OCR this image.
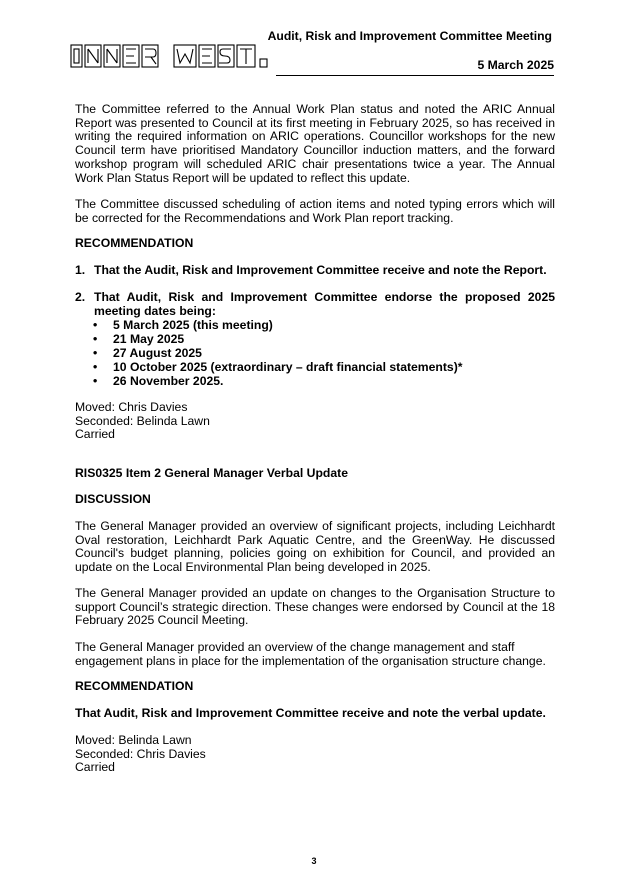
Audit, Risk and Improvement Committee Meeting
5 March 2025

The Committee referred to the Annual Work Plan status and noted the ARIC Annual Report was presented to Council at its first meeting in February 2025, so has received in writing the required information on ARIC operations. Councillor workshops for the new Council term have prioritised Mandatory Councillor induction matters, and the forward workshop program will scheduled ARIC chair presentations twice a year. The Annual Work Plan Status Report will be updated to reflect this update.

The Committee discussed scheduling of action items and noted typing errors which will be corrected for the Recommendations and Work Plan report tracking.

RECOMMENDATION

1. That the Audit, Risk and Improvement Committee receive and note the Report.

2. That Audit, Risk and Improvement Committee endorse the proposed 2025 meeting dates being:

• 5 March 2025 (this meeting)
• 21 May 2025
• 27 August 2025
• 10 October 2025 (extraordinary – draft financial statements)*
• 26 November 2025.

Moved: Chris Davies

Seconded: Belinda Lawn

Carried

RIS0325 Item 2 General Manager Verbal Update

DISCUSSION

The General Manager provided an overview of significant projects, including Leichhardt Oval restoration, Leichhardt Park Aquatic Centre, and the GreenWay. He discussed Council's budget planning, policies going on exhibition for Council, and provided an update on the Local Environmental Plan being developed in 2025.

The General Manager provided an update on changes to the Organisation Structure to support Council’s strategic direction. These changes were endorsed by Council at the 18 February 2025 Council Meeting.

The General Manager provided an overview of the change management and staff

engagement plans in place for the implementation of the organisation structure change.

RECOMMENDATION

That Audit, Risk and Improvement Committee receive and note the verbal update.

Moved: Belinda Lawn

Seconded: Chris Davies

Carried

3
